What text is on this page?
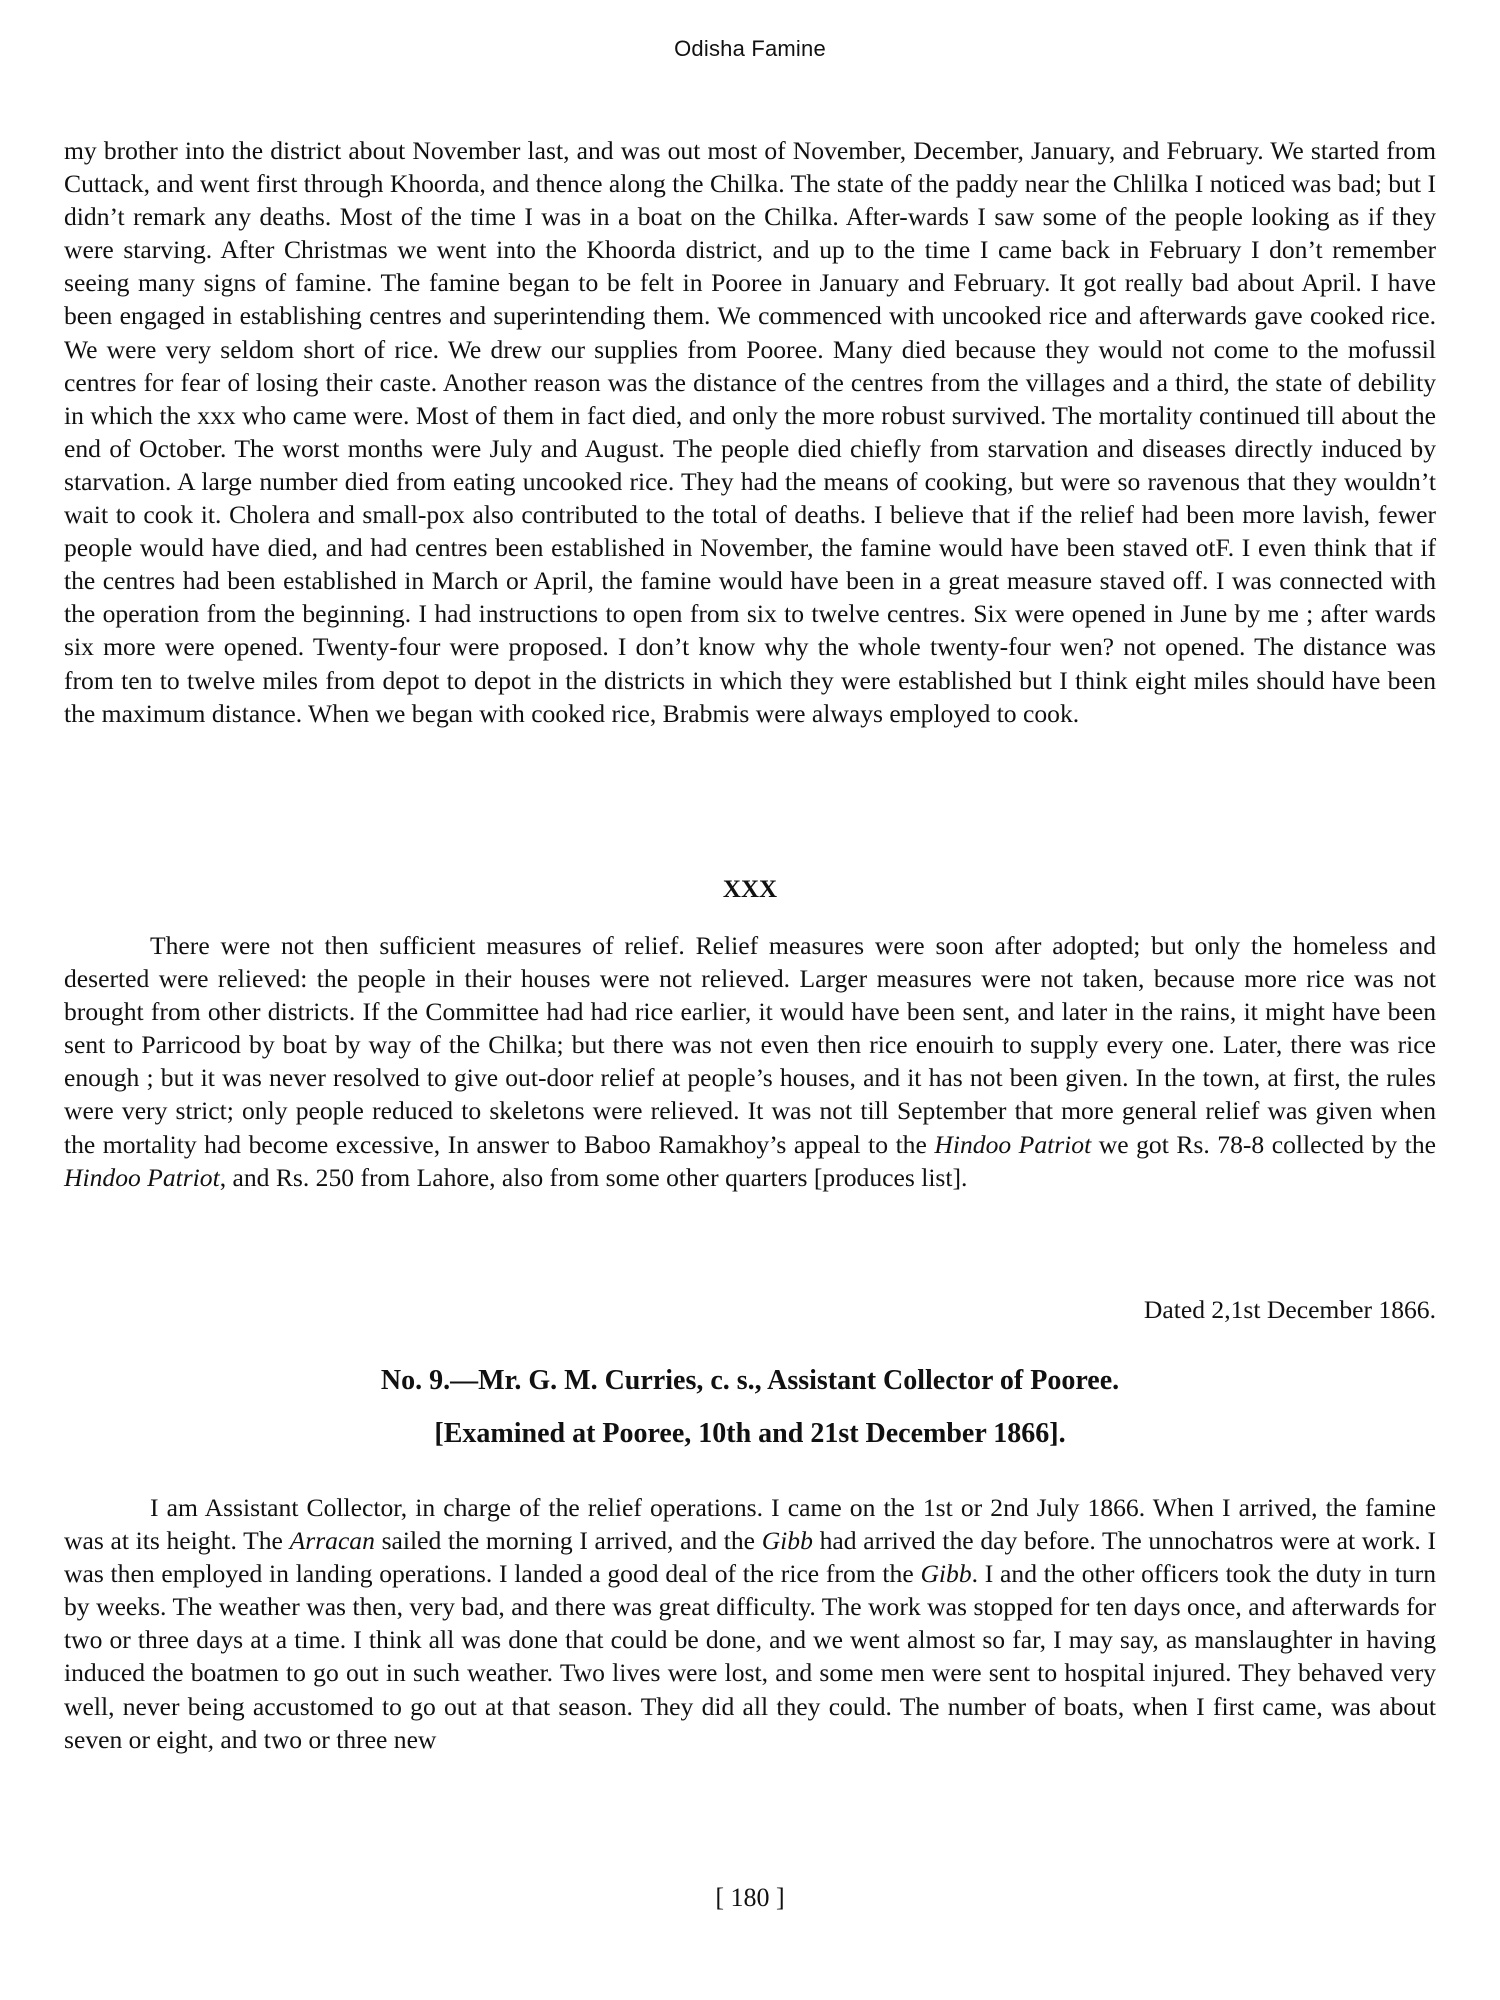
Odisha Famine

my brother into the district about November last, and was out most of November, December, January, and February. We started from Cuttack, and went first through Khoorda, and thence along the Chilka. The state of the paddy near the Chlilka I noticed was bad; but I didn’t remark any deaths. Most of the time I was in a boat on the Chilka. After-wards I saw some of the people looking as if they were starving. After Christmas we went into the Khoorda district, and up to the time I came back in February I don’t remember seeing many signs of famine. The famine began to be felt in Pooree in January and February. It got really bad about April. I have been engaged in establishing centres and superintending them. We commenced with uncooked rice and afterwards gave cooked rice. We were very seldom short of rice. We drew our supplies from Pooree. Many died because they would not come to the mofussil centres for fear of losing their caste. Another reason was the distance of the centres from the villages and a third, the state of debility in which the xxx who came were. Most of them in fact died, and only the more robust survived. The mortality continued till about the end of October. The worst months were July and August. The people died chiefly from starvation and diseases directly induced by starvation. A large number died from eating uncooked rice. They had the means of cooking, but were so ravenous that they wouldn’t wait to cook it. Cholera and small-pox also contributed to the total of deaths. I believe that if the relief had been more lavish, fewer people would have died, and had centres been established in November, the famine would have been staved otF. I even think that if the centres had been established in March or April, the famine would have been in a great measure staved off. I was connected with the operation from the beginning. I had instructions to open from six to twelve centres. Six were opened in June by me ; after wards six more were opened. Twenty-four were proposed. I don’t know why the whole twenty-four wen? not opened. The distance was from ten to twelve miles from depot to depot in the districts in which they were established but I think eight miles should have been the maximum distance. When we began with cooked rice, Brabmis were always employed to cook.

XXX

There were not then sufficient measures of relief. Relief measures were soon after adopted; but only the homeless and deserted were relieved: the people in their houses were not relieved. Larger measures were not taken, because more rice was not brought from other districts. If the Committee had had rice earlier, it would have been sent, and later in the rains, it might have been sent to Parricood by boat by way of the Chilka; but there was not even then rice enouirh to supply every one. Later, there was rice enough ; but it was never resolved to give out-door relief at people’s houses, and it has not been given. In the town, at first, the rules were very strict; only people reduced to skeletons were relieved. It was not till September that more general relief was given when the mortality had become excessive, In answer to Baboo Ramakhoy’s appeal to the Hindoo Patriot we got Rs. 78-8 collected by the Hindoo Patriot, and Rs. 250 from Lahore, also from some other quarters [produces list].

Dated 2,1st December 1866.
No. 9.—Mr. G. M. Curries, c. s., Assistant Collector of Pooree.
[Examined at Pooree, 10th and 21st December 1866].

I am Assistant Collector, in charge of the relief operations. I came on the 1st or 2nd July 1866. When I arrived, the famine was at its height. The Arracan sailed the morning I arrived, and the Gibb had arrived the day before. The unnochatros were at work. I was then employed in landing operations. I landed a good deal of the rice from the Gibb. I and the other officers took the duty in turn by weeks. The weather was then, very bad, and there was great difficulty. The work was stopped for ten days once, and afterwards for two or three days at a time. I think all was done that could be done, and we went almost so far, I may say, as manslaughter in having induced the boatmen to go out in such weather. Two lives were lost, and some men were sent to hospital injured. They behaved very well, never being accustomed to go out at that season. They did all they could. The number of boats, when I first came, was about seven or eight, and two or three new

[ 180 ]
